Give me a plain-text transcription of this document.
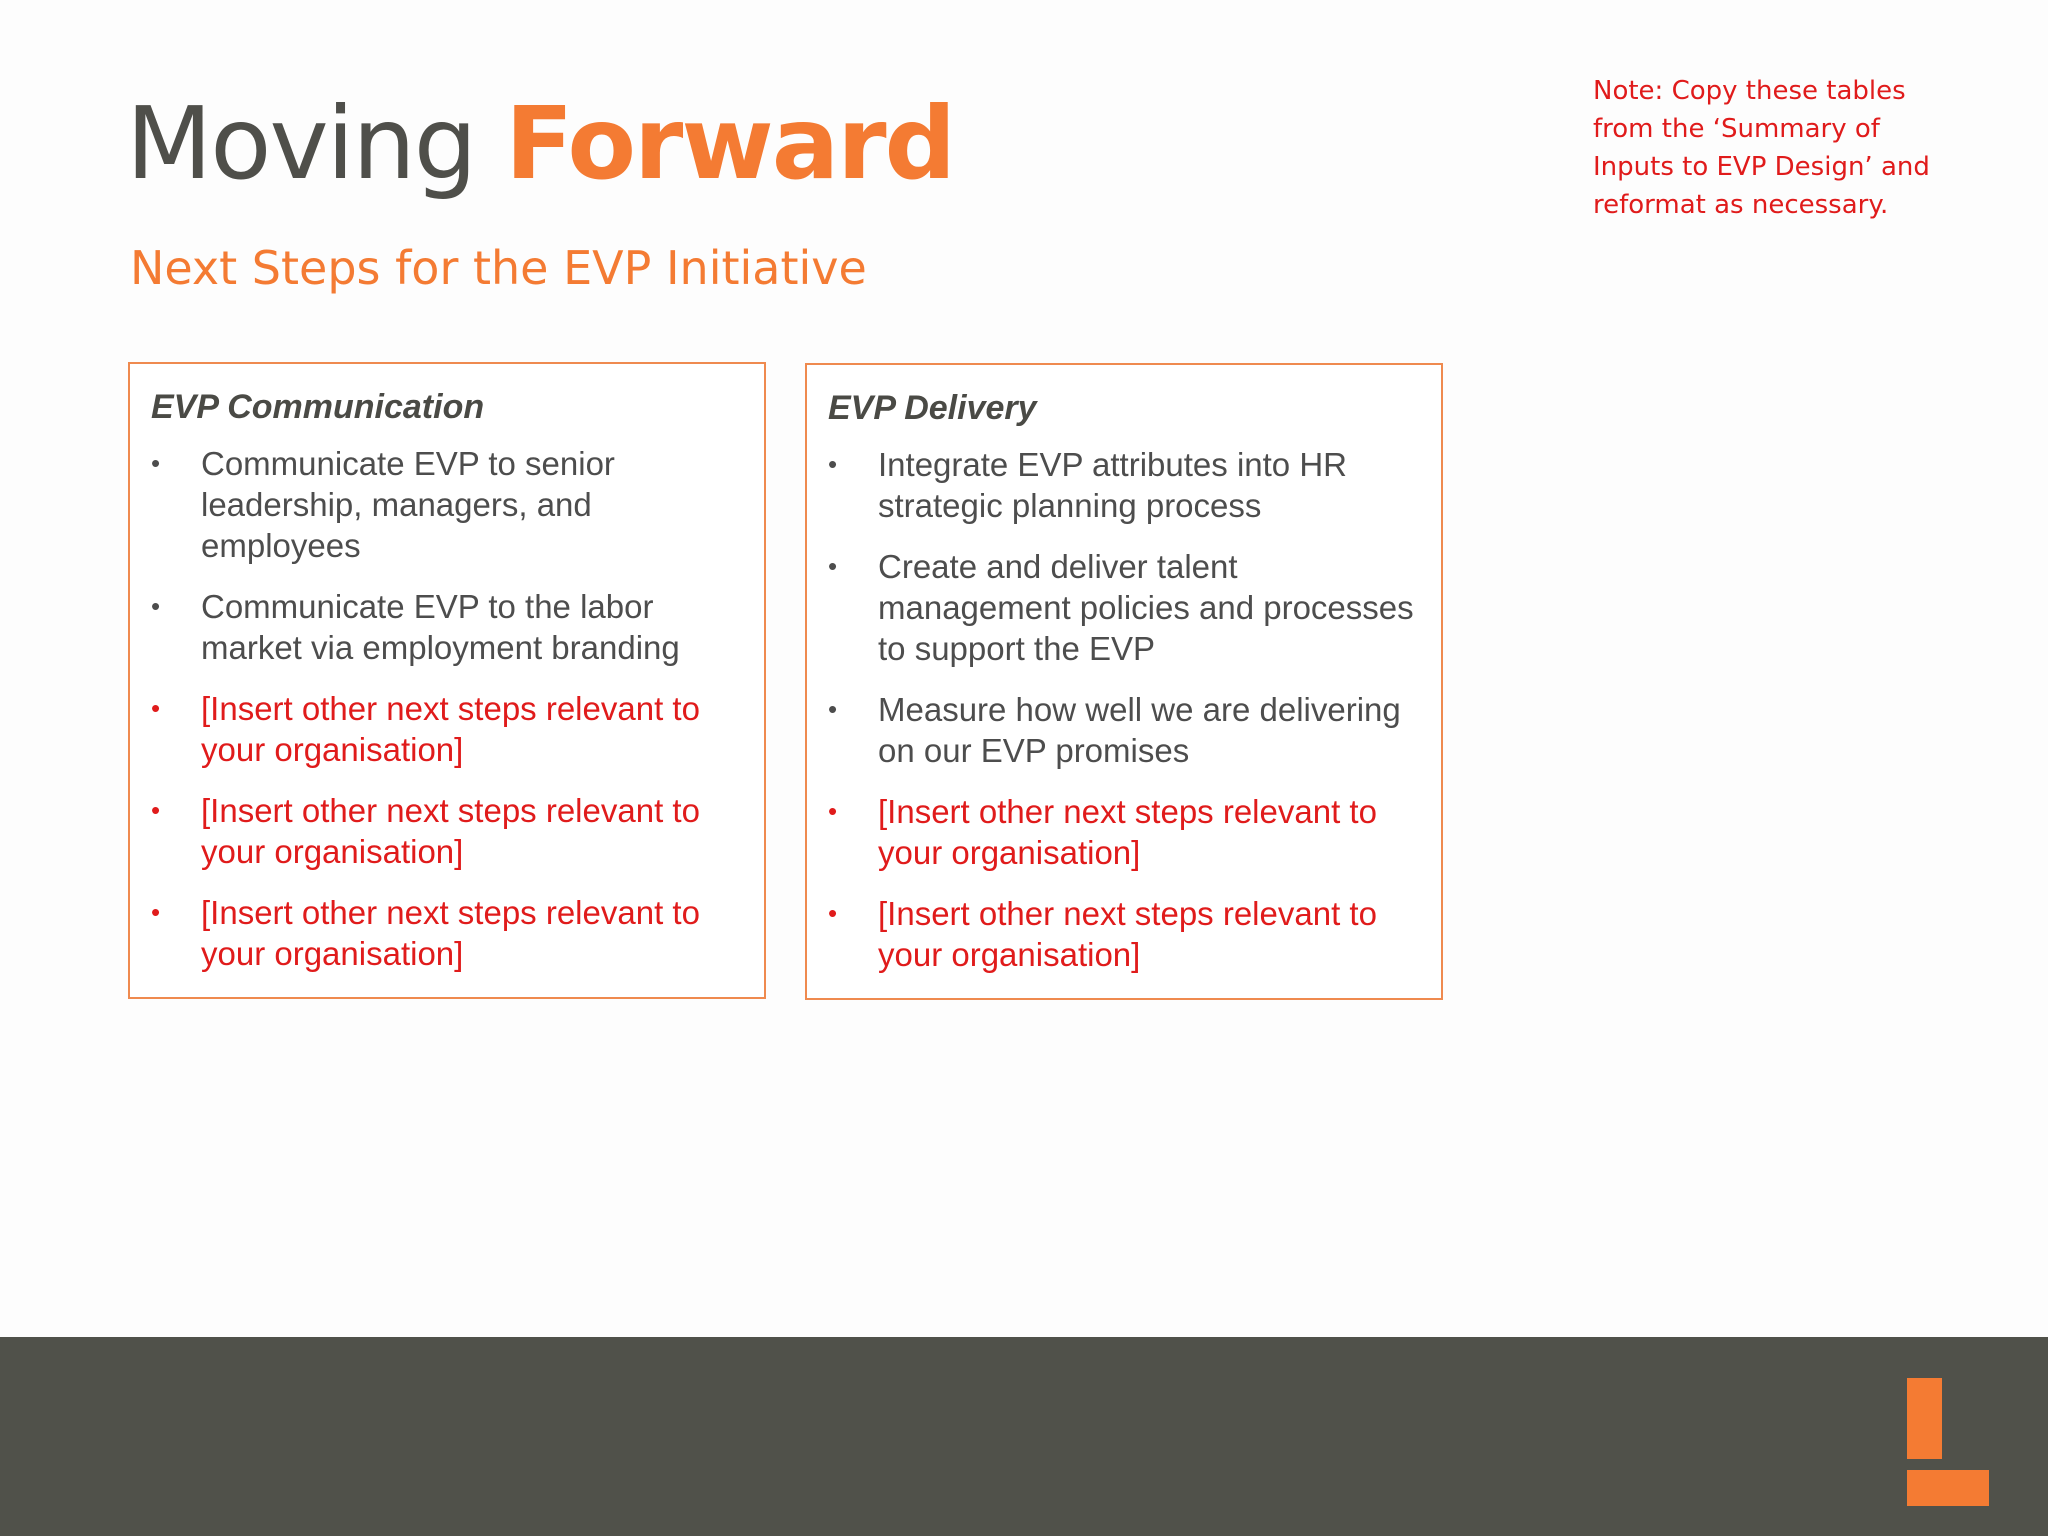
Moving Forward
Next Steps for the EVP Initiative
Note: Copy these tables from the ‘Summary of Inputs to EVP Design’ and reformat as necessary.
EVP Communication
• Communicate EVP to senior leadership, managers, and employees
• Communicate EVP to the labor market via employment branding
• [Insert other next steps relevant to your organisation]
• [Insert other next steps relevant to your organisation]
• [Insert other next steps relevant to your organisation]
EVP Delivery
• Integrate EVP attributes into HR strategic planning process
• Create and deliver talent management policies and processes to support the EVP
• Measure how well we are delivering on our EVP promises
• [Insert other next steps relevant to your organisation]
• [Insert other next steps relevant to your organisation]
